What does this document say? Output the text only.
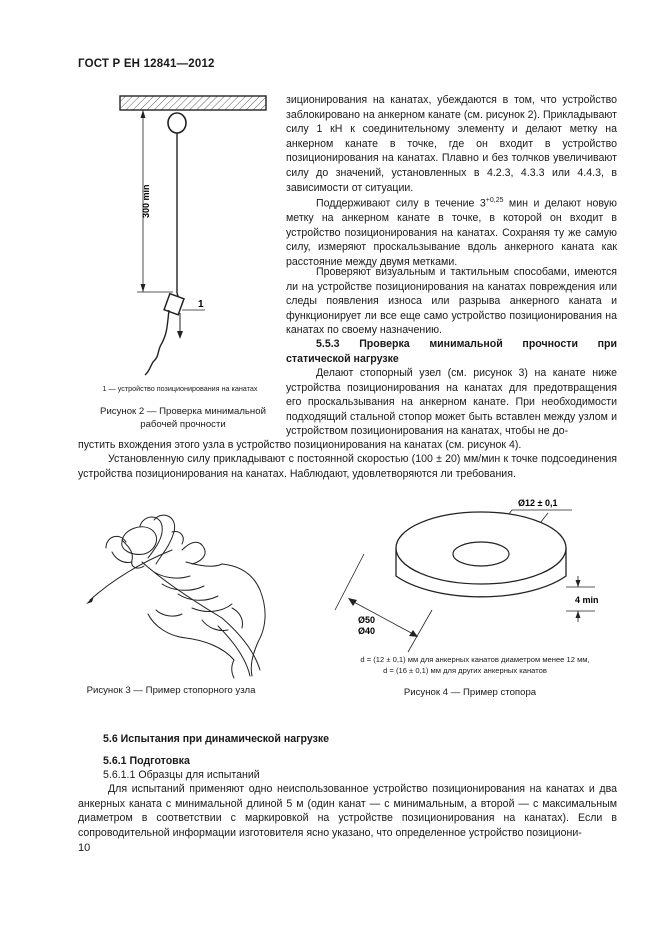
ГОСТ Р ЕН 12841—2012
300 min
1
1 — устройство позиционирования на канатах
Рисунок 2 — Проверка минимальной рабочей прочности
зиционирования на канатах, убеждаются в том, что устройство заблокировано на анкерном канате (см. рисунок 2). Прикладывают силу 1 кН к соединительному элементу и делают метку на анкерном канате в точке, где он входит в устройство позиционирования на канатах. Плавно и без толчков увеличивают силу до значений, установленных в 4.2.3, 4.3.3 или 4.4.3, в зависимости от ситуации.
Поддерживают силу в течение $3^{+0,25}$ мин и делают новую метку на анкерном канате в точке, в которой он входит в устройство позиционирования на канатах. Сохраняя ту же самую силу, измеряют проскальзывание вдоль анкерного каната как расстояние между двумя метками.
Проверяют визуальным и тактильным способами, имеются ли на устройстве позиционирования на канатах повреждения или следы появления износа или разрыва анкерного каната и функционирует ли все еще само устройство позиционирования на канатах по своему назначению.
5.5.3 Проверка минимальной прочности при статической нагрузке
Делают стопорный узел (см. рисунок 3) на канате ниже устройства позиционирования на канатах для предотвращения его проскальзывания на анкерном канате. При необходимости подходящий стальной стопор может быть вставлен между узлом и устройством позиционирования на канатах, чтобы не до-
пустить вхождения этого узла в устройство позиционирования на канатах (см. рисунок 4).
Установленную силу прикладывают с постоянной скоростью (100 ± 20) мм/мин к точке подсоединения устройства позиционирования на канатах. Наблюдают, удовлетворяются ли требования.
Рисунок 3 — Пример стопорного узла
Ø12 ± 0,1
4 min
Ø50
Ø40
d = (12 ± 0,1) мм для анкерных канатов диаметром менее 12 мм,
d = (16 ± 0,1) мм для других анкерных канатов
Рисунок 4 — Пример стопора
5.6 Испытания при динамической нагрузке
5.6.1 Подготовка
5.6.1.1 Образцы для испытаний
Для испытаний применяют одно неиспользованное устройство позиционирования на канатах и два анкерных каната с минимальной длиной 5 м (один канат — с минимальным, а второй — с максимальным диаметром в соответствии с маркировкой на устройстве позиционирования на канатах). Если в сопроводительной информации изготовителя ясно указано, что определенное устройство позициони-
10
